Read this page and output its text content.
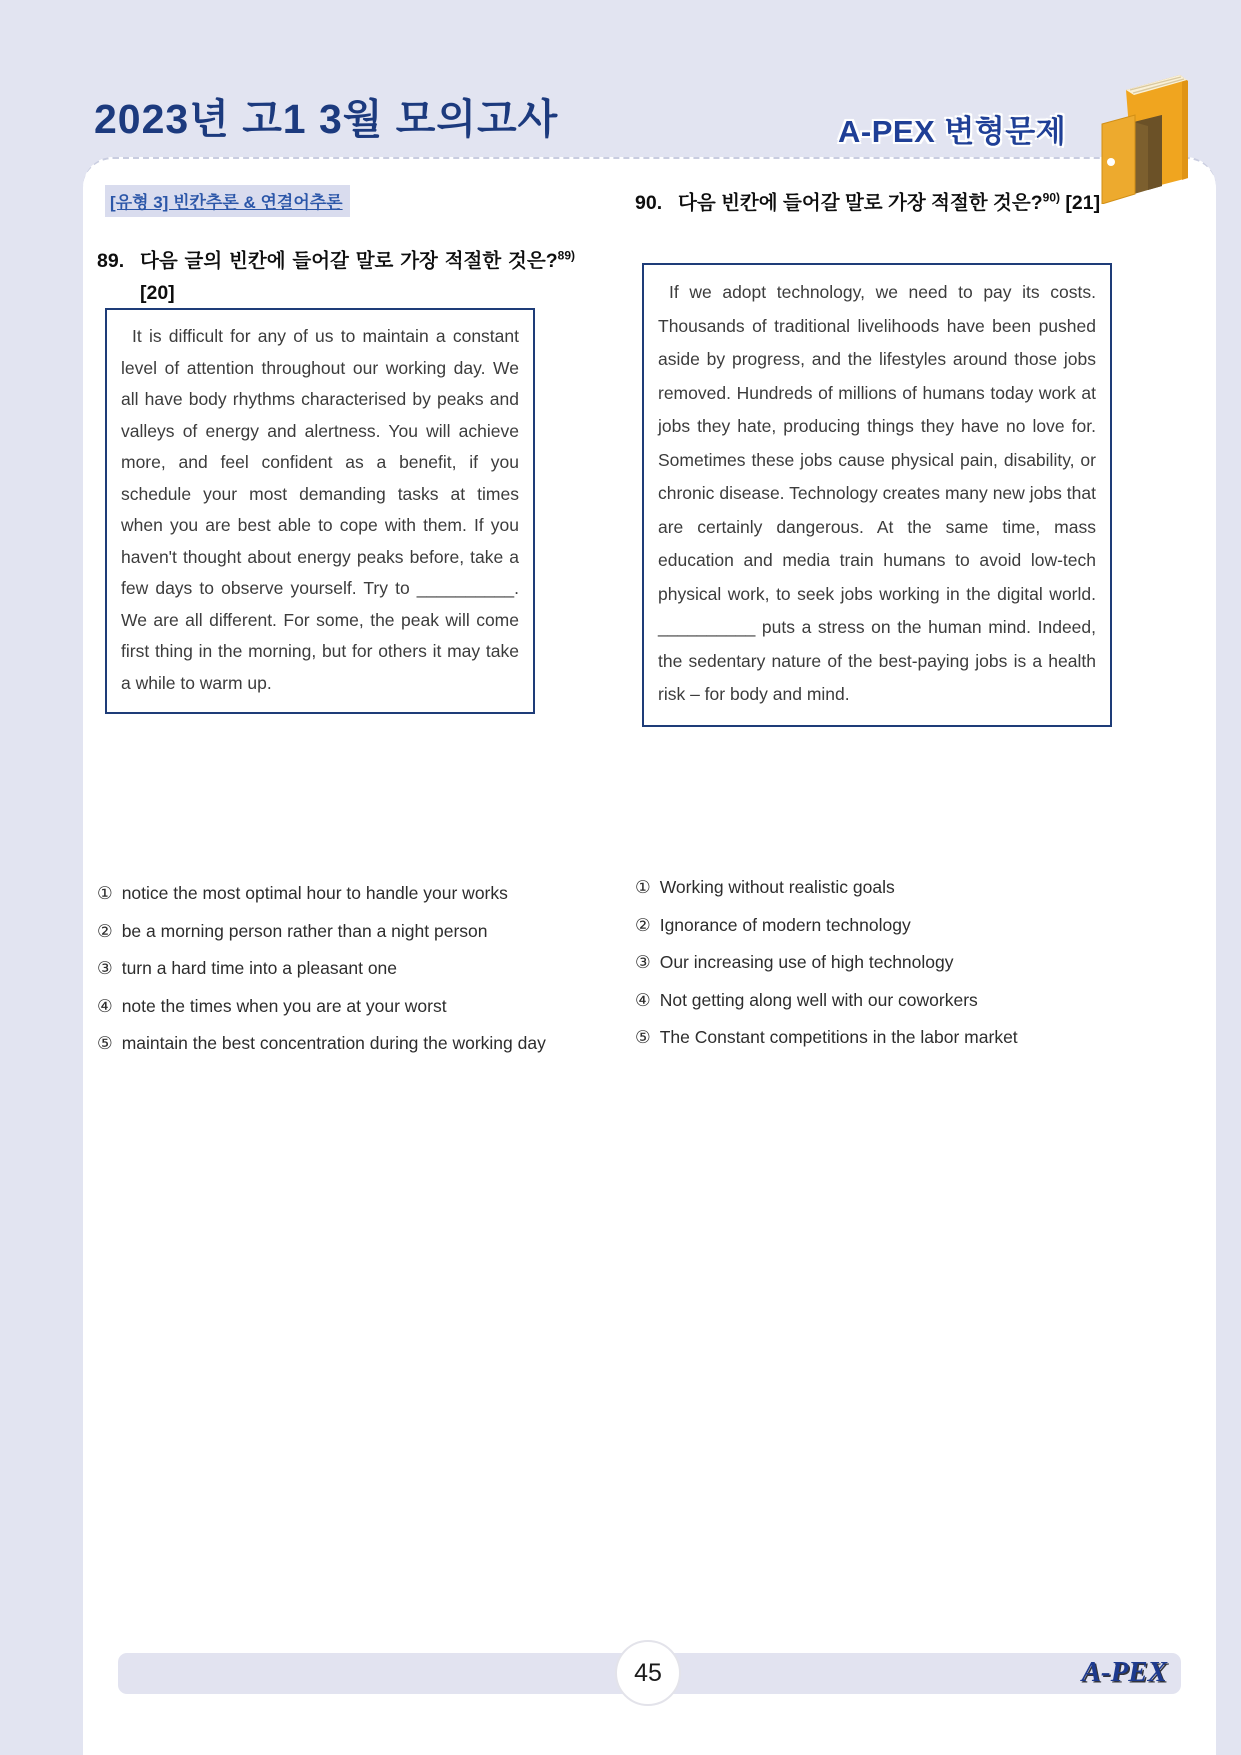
2023년 고1 3월 모의고사	A-PEX 변형문제
[유형 3] 빈칸추론 & 연결어추론
89. 다음 글의 빈칸에 들어갈 말로 가장 적절한 것은?$^{89)}$ [20]

It is difficult for any of us to maintain a constant level of attention throughout our working day. We all have body rhythms characterised by peaks and valleys of energy and alertness. You will achieve more, and feel confident as a benefit, if you schedule your most demanding tasks at times when you are best able to cope with them. If you haven't thought about energy peaks before, take a few days to observe yourself. Try to __________. We are all different. For some, the peak will come first thing in the morning, but for others it may take a while to warm up.

① notice the most optimal hour to handle your works
② be a morning person rather than a night person
③ turn a hard time into a pleasant one
④ note the times when you are at your worst
⑤ maintain the best concentration during the working day
90. 다음 빈칸에 들어갈 말로 가장 적절한 것은?$^{90)}$ [21]

If we adopt technology, we need to pay its costs. Thousands of traditional livelihoods have been pushed aside by progress, and the lifestyles around those jobs removed. Hundreds of millions of humans today work at jobs they hate, producing things they have no love for. Sometimes these jobs cause physical pain, disability, or chronic disease. Technology creates many new jobs that are certainly dangerous. At the same time, mass education and media train humans to avoid low-tech physical work, to seek jobs working in the digital world. __________ puts a stress on the human mind. Indeed, the sedentary nature of the best-paying jobs is a health risk – for body and mind.

① Working without realistic goals
② Ignorance of modern technology
③ Our increasing use of high technology
④ Not getting along well with our coworkers
⑤ The Constant competitions in the labor market
45	A-PEX
